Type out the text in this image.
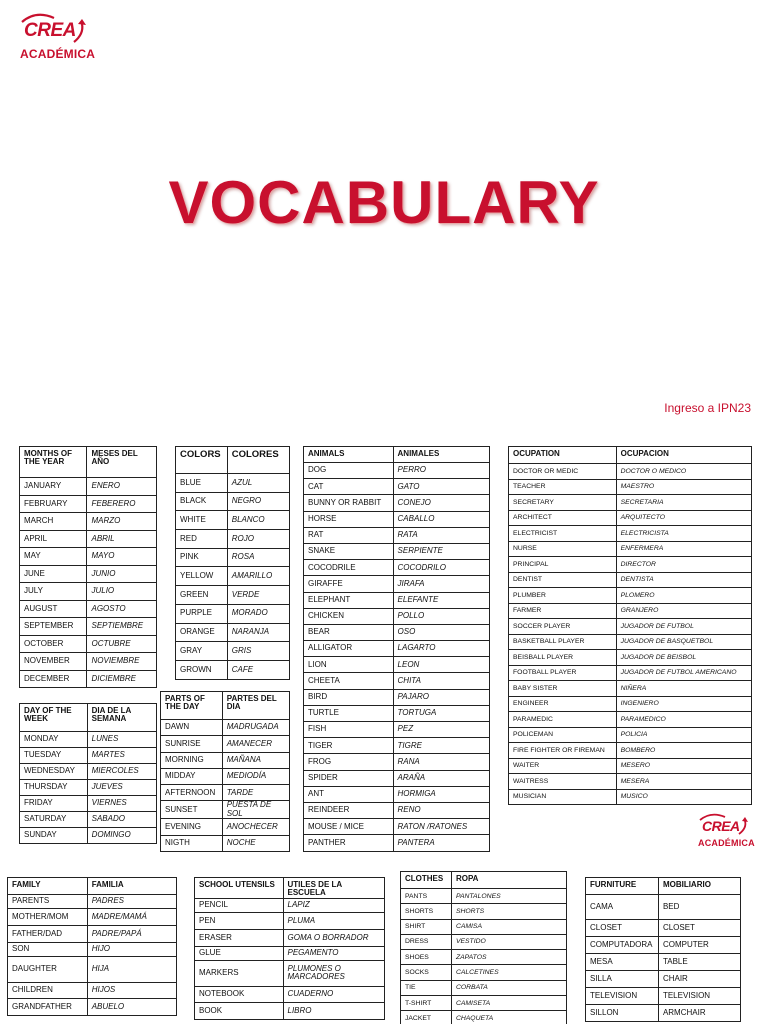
CREA
ACADÉMICA
VOCABULARY
Ingreso a IPN23
CREA
ACADÉMICA
MONTHS OF THE YEAR	MESES DEL AÑO
JANUARY	ENERO
FEBRUARY	FEBERERO
MARCH	MARZO
APRIL	ABRIL
MAY	MAYO
JUNE	JUNIO
JULY	JULIO
AUGUST	AGOSTO
SEPTEMBER	SEPTIEMBRE
OCTOBER	OCTUBRE
NOVEMBER	NOVIEMBRE
DECEMBER	DICIEMBRE
DAY OF THE WEEK	DIA DE LA SEMANA
MONDAY	LUNES
TUESDAY	MARTES
WEDNESDAY	MIERCOLES
THURSDAY	JUEVES
FRIDAY	VIERNES
SATURDAY	SABADO
SUNDAY	DOMINGO
COLORS	COLORES
BLUE	AZUL
BLACK	NEGRO
WHITE	BLANCO
RED	ROJO
PINK	ROSA
YELLOW	AMARILLO
GREEN	VERDE
PURPLE	MORADO
ORANGE	NARANJA
GRAY	GRIS
GROWN	CAFE
PARTS OF THE DAY	PARTES DEL DIA
DAWN	MADRUGADA
SUNRISE	AMANECER
MORNING	MAÑANA
MIDDAY	MEDIODÍA
AFTERNOON	TARDE
SUNSET	PUESTA DE SOL
EVENING	ANOCHECER
NIGTH	NOCHE
ANIMALS	ANIMALES
DOG	PERRO
CAT	GATO
BUNNY OR RABBIT	CONEJO
HORSE	CABALLO
RAT	RATA
SNAKE	SERPIENTE
COCODRILE	COCODRILO
GIRAFFE	JIRAFA
ELEPHANT	ELEFANTE
CHICKEN	POLLO
BEAR	OSO
ALLIGATOR	LAGARTO
LION	LEON
CHEETA	CHITA
BIRD	PAJARO
TURTLE	TORTUGA
FISH	PEZ
TIGER	TIGRE
FROG	RANA
SPIDER	ARAÑA
ANT	HORMIGA
REINDEER	RENO
MOUSE / MICE	RATON /RATONES
PANTHER	PANTERA
OCUPATION	OCUPACION
DOCTOR OR MEDIC	DOCTOR O MEDICO
TEACHER	MAESTRO
SECRETARY	SECRETARIA
ARCHITECT	ARQUITECTO
ELECTRICIST	ELECTRICISTA
NURSE	ENFERMERA
PRINCIPAL	DIRECTOR
DENTIST	DENTISTA
PLUMBER	PLOMERO
FARMER	GRANJERO
SOCCER PLAYER	JUGADOR DE FUTBOL
BASKETBALL PLAYER	JUGADOR DE BASQUETBOL
BEISBALL PLAYER	JUGADOR DE BEISBOL
FOOTBALL PLAYER	JUGADOR DE FUTBOL AMERICANO
BABY SISTER	NIÑERA
ENGINEER	INGENIERO
PARAMEDIC	PARAMEDICO
POLICEMAN	POLICIA
FIRE FIGHTER OR FIREMAN	BOMBERO
WAITER	MESERO
WAITRESS	MESERA
MUSICIAN	MUSICO
FAMILY	FAMILIA
PARENTS	PADRES
MOTHER/MOM	MADRE/MAMÁ
FATHER/DAD	PADRE/PAPÁ
SON	HIJO
DAUGHTER	HIJA
CHILDREN	HIJOS
GRANDFATHER	ABUELO
SCHOOL UTENSILS	UTILES DE LA ESCUELA
PENCIL	LAPIZ
PEN	PLUMA
ERASER	GOMA O BORRADOR
GLUE	PEGAMENTO
MARKERS	PLUMONES O MARCADORES
NOTEBOOK	CUADERNO
BOOK	LIBRO
CLOTHES	ROPA
PANTS	PANTALONES
SHORTS	SHORTS
SHIRT	CAMISA
DRESS	VESTIDO
SHOES	ZAPATOS
SOCKS	CALCETINES
TIE	CORBATA
T-SHIRT	CAMISETA
JACKET	CHAQUETA
FURNITURE	MOBILIARIO
CAMA	BED
CLOSET	CLOSET
COMPUTADORA	COMPUTER
MESA	TABLE
SILLA	CHAIR
TELEVISION	TELEVISION
SILLON	ARMCHAIR
